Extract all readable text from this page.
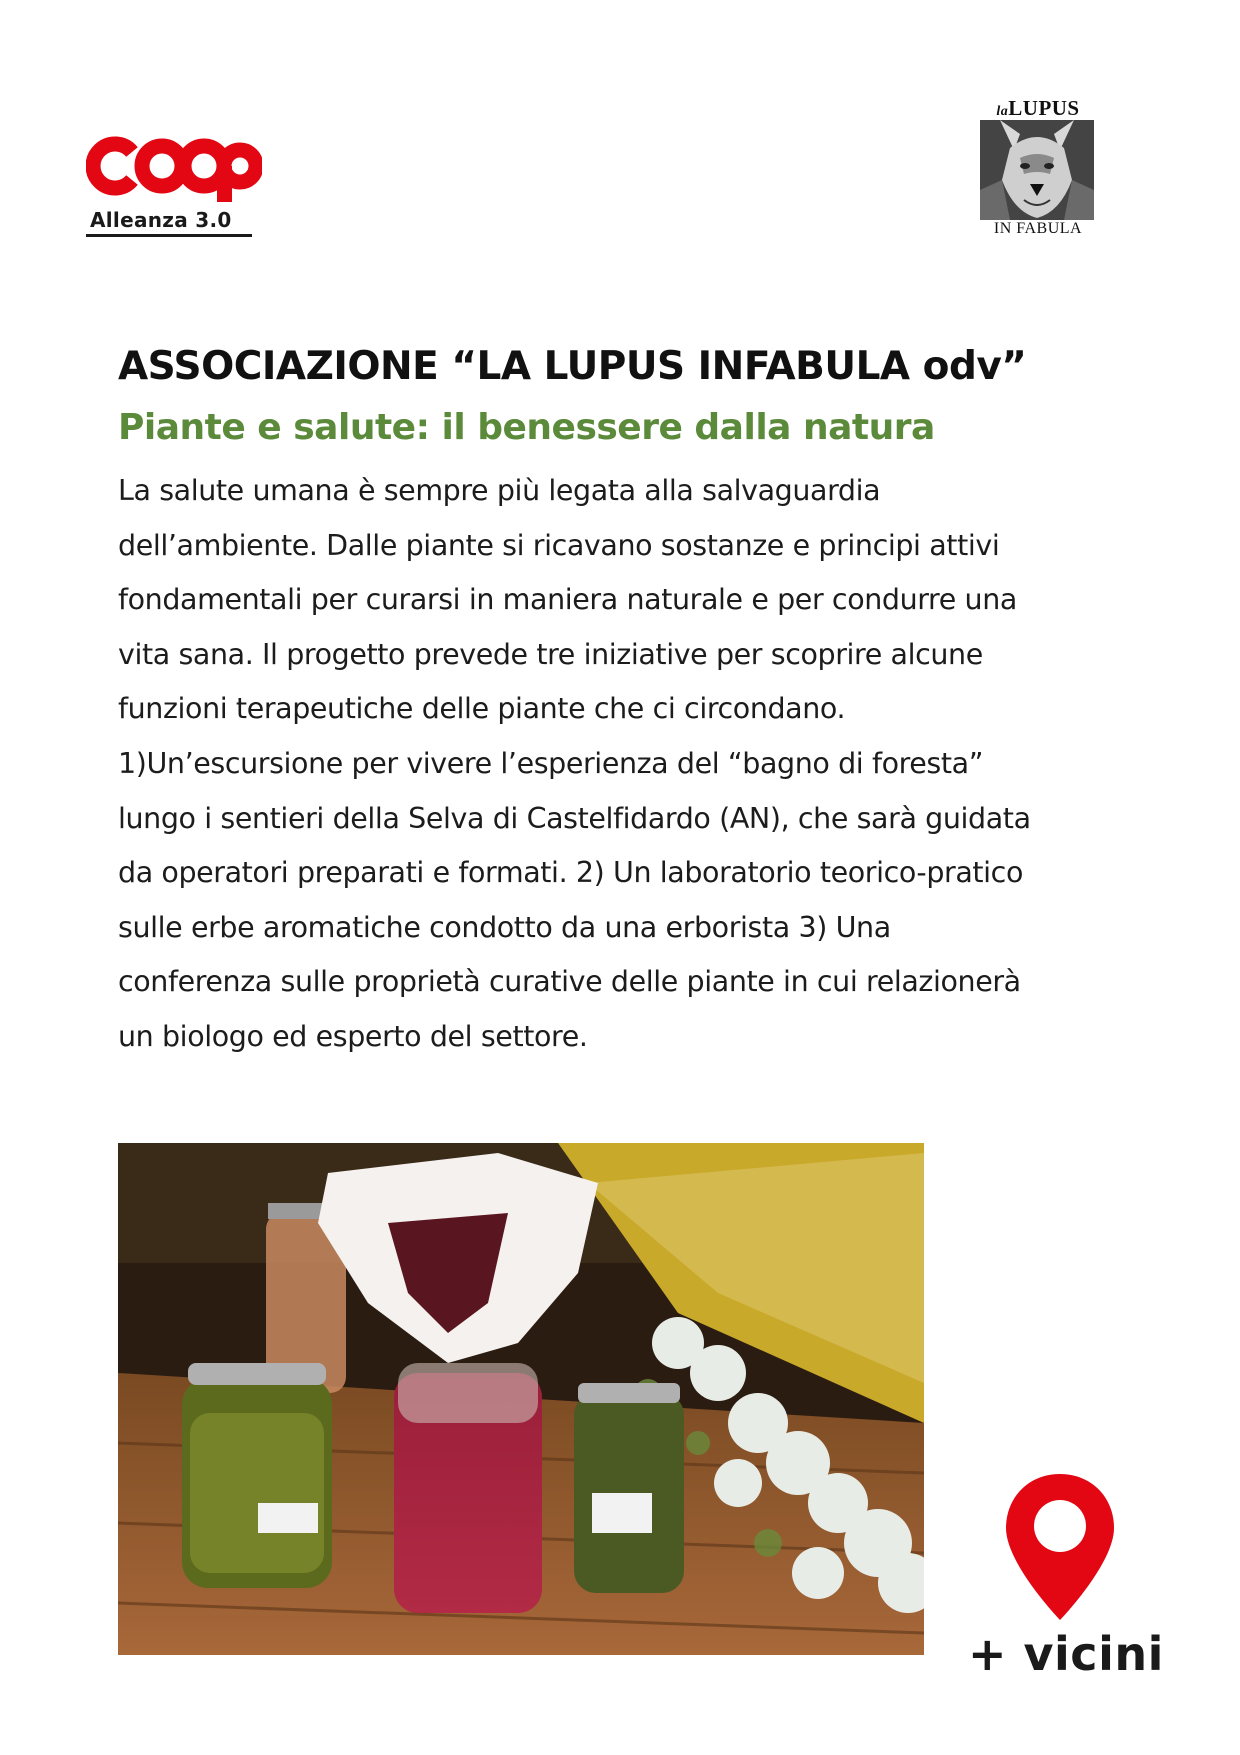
Alleanza 3.0
laLUPUS
IN FABULA
ASSOCIAZIONE “LA LUPUS INFABULA odv”
Piante e salute: il benessere dalla natura
La salute umana è sempre più legata alla salvaguardia
dell’ambiente. Dalle piante si ricavano sostanze e principi attivi
fondamentali per curarsi in maniera naturale e per condurre una
vita sana. Il progetto prevede tre iniziative per scoprire alcune
funzioni terapeutiche delle piante che ci circondano.
1)Un’escursione per vivere l’esperienza del “bagno di foresta”
lungo i sentieri della Selva di Castelfidardo (AN), che sarà guidata
da operatori preparati e formati. 2) Un laboratorio teorico-pratico
sulle erbe aromatiche condotto da una erborista 3) Una
conferenza sulle proprietà curative delle piante in cui relazionerà
un biologo ed esperto del settore.
+ vicini
